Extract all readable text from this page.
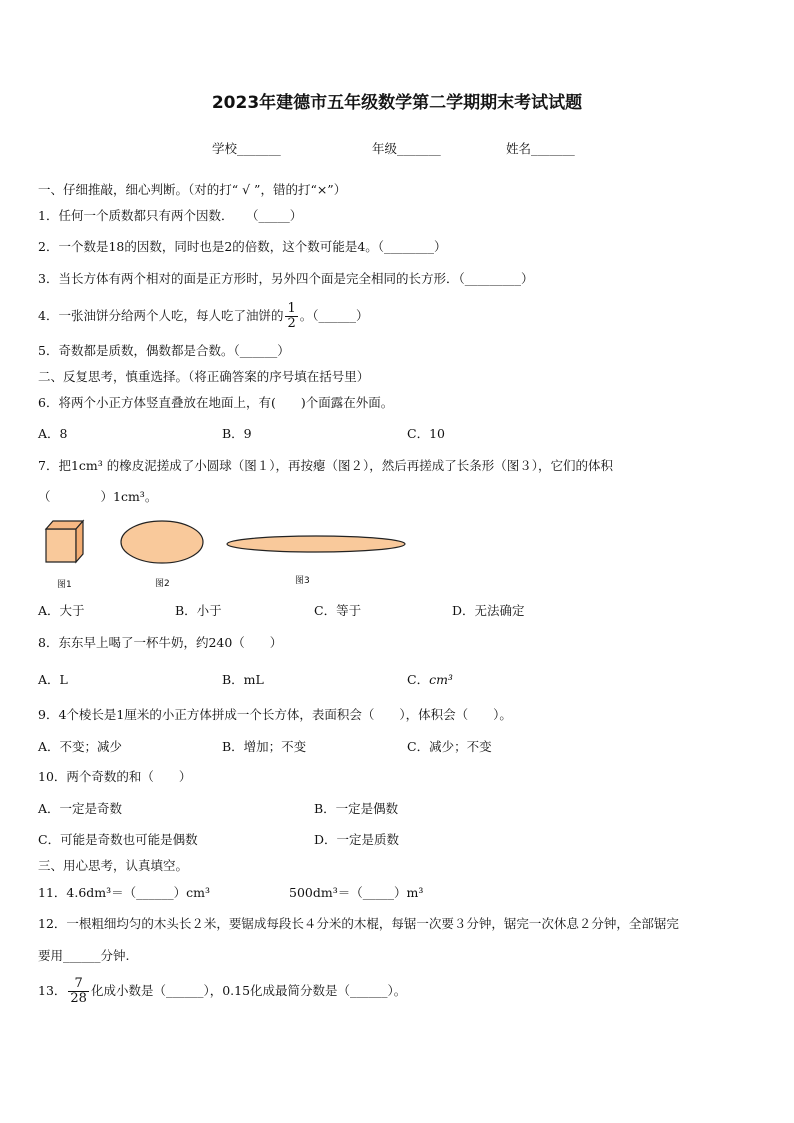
2023年建德市五年级数学第二学期期末考试试题
学校_______	年级_______	姓名_______
一、仔细推敲，细心判断。（对的打“ √ ”，错的打“×”）
1．任何一个质数都只有两个因数．　　（_____）
2．一个数是18的因数，同时也是2的倍数，这个数可能是4。（________）
3．当长方体有两个相对的面是正方形时，另外四个面是完全相同的长方形．（_________）
4．一张油饼分给两个人吃，每人吃了油饼的 $\frac{1}{2}$ 。（______）
5．奇数都是质数，偶数都是合数。（______）
二、反复思考，慎重选择。（将正确答案的序号填在括号里）
6．将两个小正方体竖直叠放在地面上，有(　　)个面露在外面。
A．8	B．9	C．10
7．把1cm³ 的橡皮泥搓成了小圆球（图１），再按瘪（图２），然后再搓成了长条形（图３），它们的体积
（　　　　）1cm³。
图1	图2	图3
A．大于	B．小于	C．等于	D．无法确定
8．东东早上喝了一杯牛奶，约240（　　）
A．L	B．mL	C．cm³
9．4个棱长是1厘米的小正方体拼成一个长方体，表面积会（　　），体积会（　　）。
A．不变；减少	B．增加；不变	C．减少；不变
10．两个奇数的和（　　）
A．一定是奇数	B．一定是偶数
C．可能是奇数也可能是偶数	D．一定是质数
三、用心思考，认真填空。
11．4.6dm³＝（______）cm³	500dm³＝（_____）m³
12．一根粗细均匀的木头长２米，要锯成每段长４分米的木棍，每锯一次要３分钟，锯完一次休息２分钟，全部锯完
要用______分钟.
13． $\frac{7}{28}$ 化成小数是（______），0.15化成最简分数是（______）。
